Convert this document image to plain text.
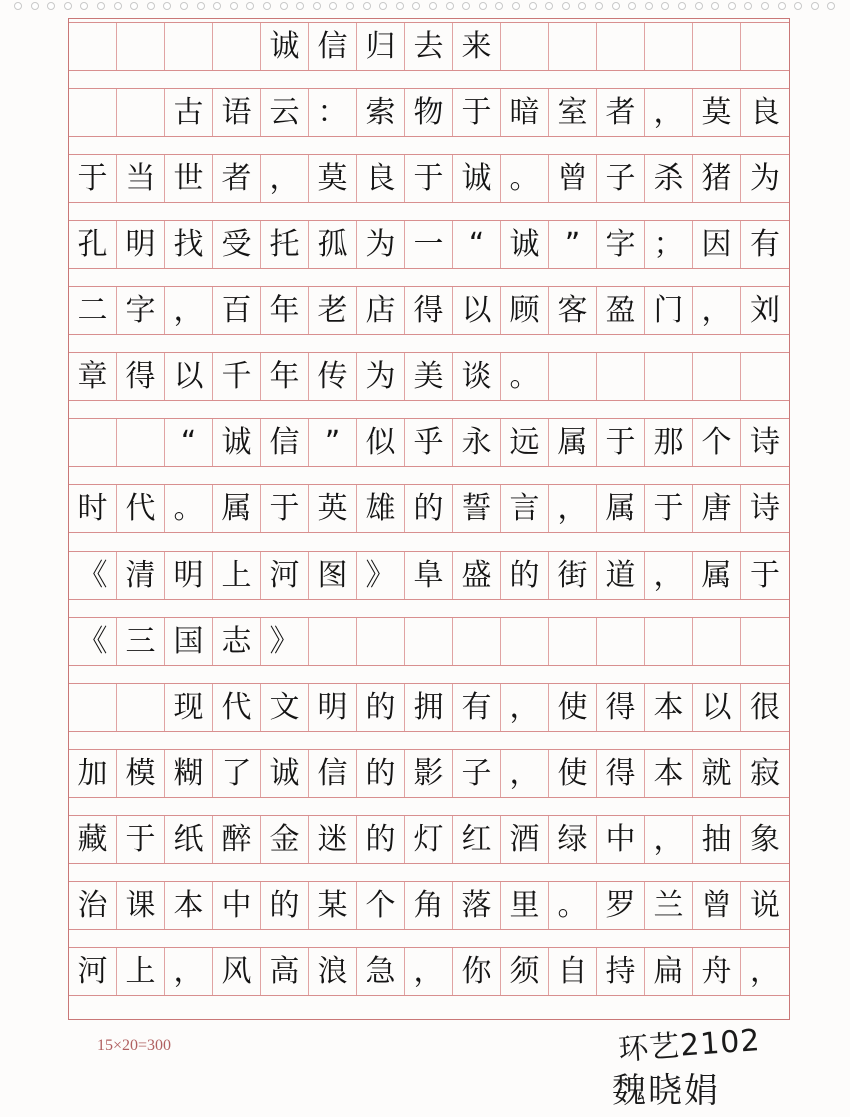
诚 信 归 去 来
古 语 云 ： 索 物 于 暗 室 者 ， 莫 良
于 当 世 者 ， 莫 良 于 诚 。 曾 子 杀 猪 为
孔 明 找 受 托 孤 为 一 “ 诚 ” 字 ； 因 有
二 字 ， 百 年 老 店 得 以 顾 客 盈 门 ， 刘
章 得 以 千 年 传 为 美 谈 。
“ 诚 信 ” 似 乎 永 远 属 于 那 个 诗
时 代 。 属 于 英 雄 的 誓 言 ， 属 于 唐 诗
《 清 明 上 河 图 》 阜 盛 的 街 道 ， 属 于
《 三 国 志 》
现 代 文 明 的 拥 有 ， 使 得 本 以 很
加 模 糊 了 诚 信 的 影 子 ， 使 得 本 就 寂
藏 于 纸 醉 金 迷 的 灯 红 酒 绿 中 ， 抽 象
治 课 本 中 的 某 个 角 落 里 。 罗 兰 曾 说
河 上 ， 风 高 浪 急 ， 你 须 自 持 扁 舟 ，
15×20=300	环艺2102
魏晓娟
